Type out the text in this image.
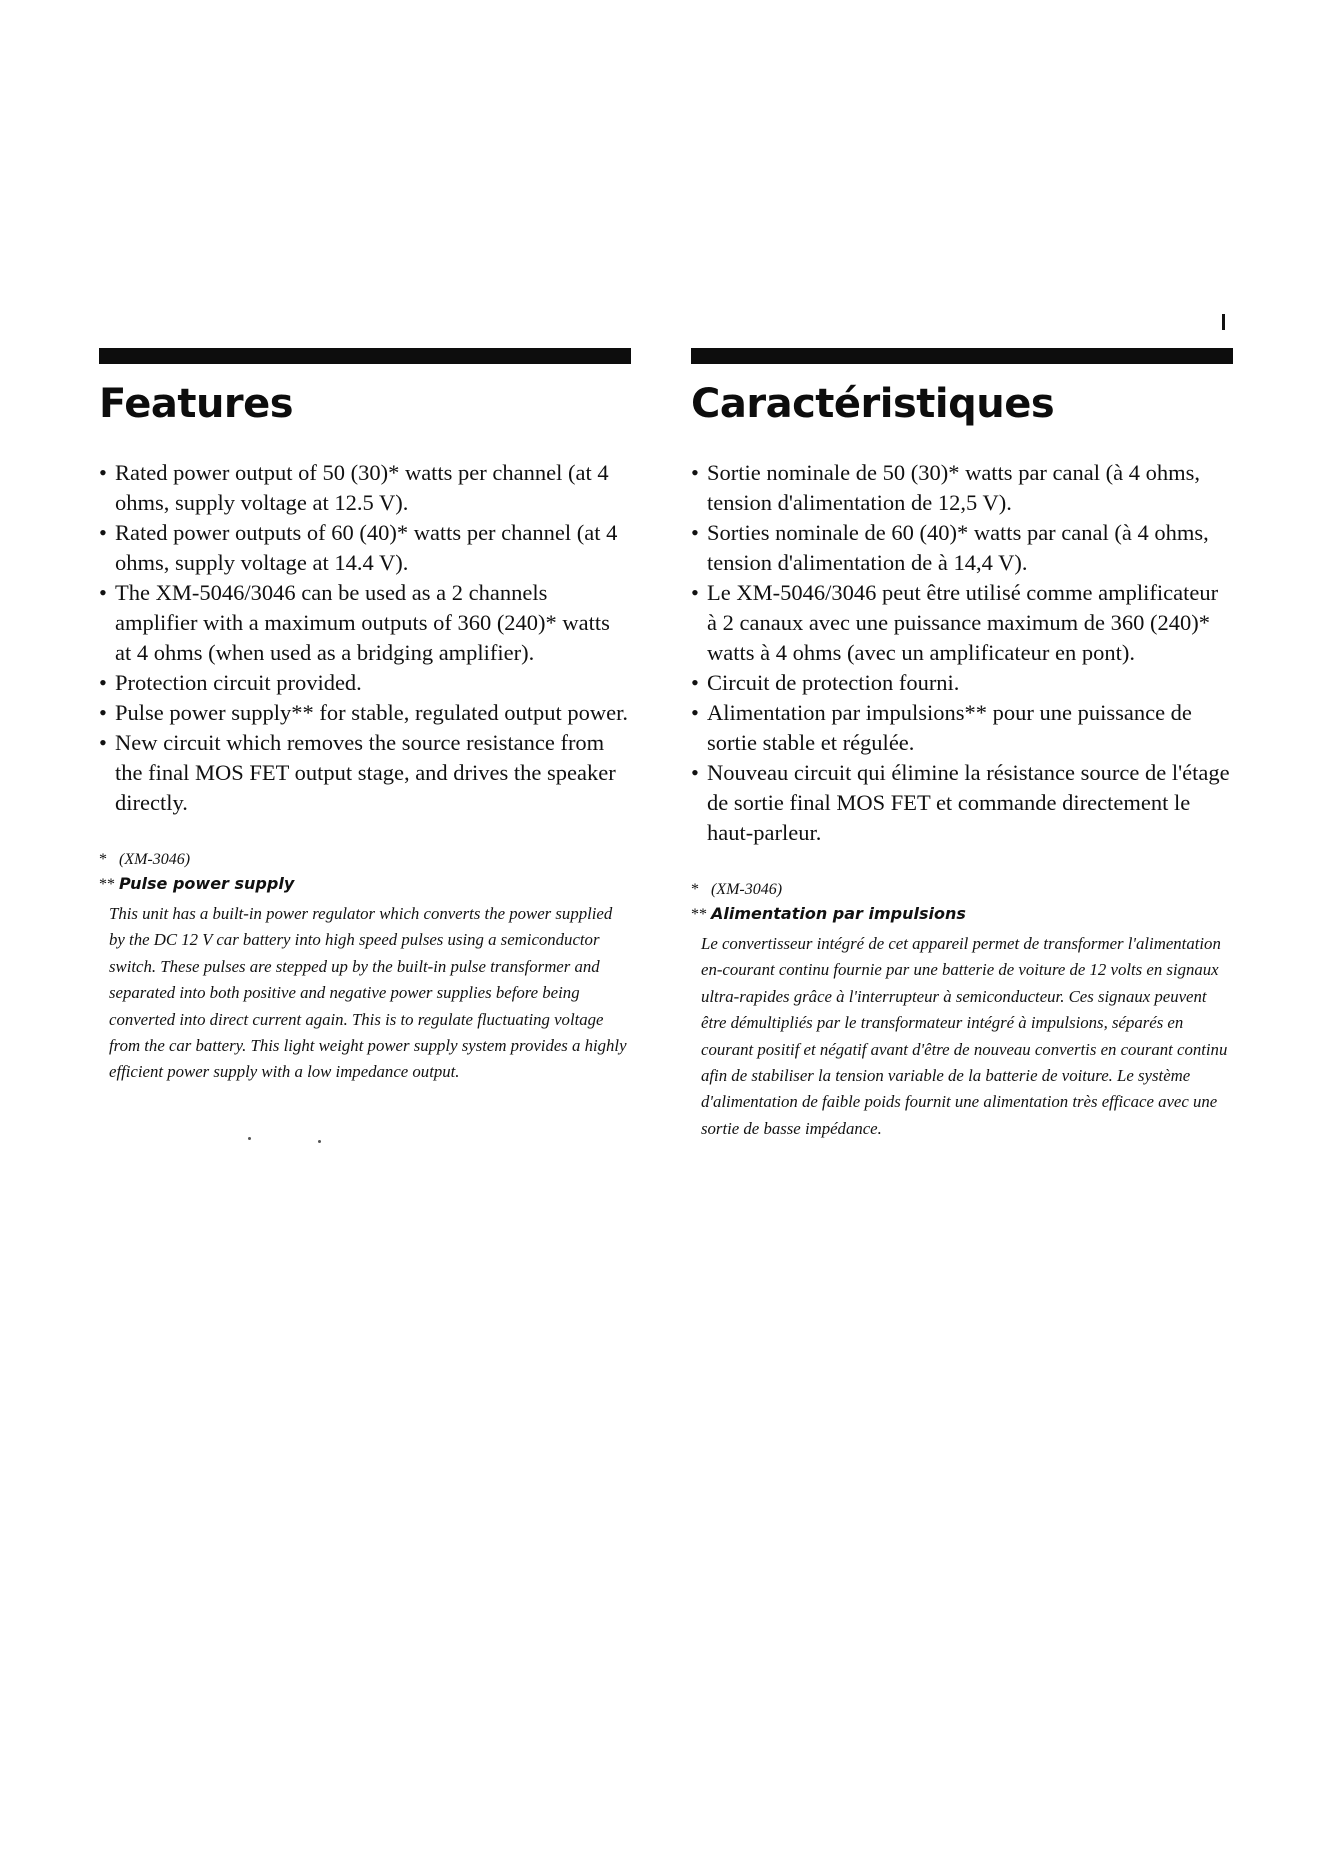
Features
• Rated power output of 50 (30)* watts per channel (at 4 ohms, supply voltage at 12.5 V).
• Rated power outputs of 60 (40)* watts per channel (at 4 ohms, supply voltage at 14.4 V).
• The XM-5046/3046 can be used as a 2 channels amplifier with a maximum outputs of 360 (240)* watts at 4 ohms (when used as a bridging amplifier).
• Protection circuit provided.
• Pulse power supply** for stable, regulated output power.
• New circuit which removes the source resistance from the final MOS FET output stage, and drives the speaker directly.
* (XM-3046)
** Pulse power supply

This unit has a built-in power regulator which converts the power supplied by the DC 12 V car battery into high speed pulses using a semiconductor switch. These pulses are stepped up by the built-in pulse transformer and separated into both positive and negative power supplies before being converted into direct current again. This is to regulate fluctuating voltage from the car battery. This light weight power supply system provides a highly efficient power supply with a low impedance output.

Caractéristiques
• Sortie nominale de 50 (30)* watts par canal (à 4 ohms, tension d'alimentation de 12,5 V).
• Sorties nominale de 60 (40)* watts par canal (à 4 ohms, tension d'alimentation de à 14,4 V).
• Le XM-5046/3046 peut être utilisé comme amplificateur à 2 canaux avec une puissance maximum de 360 (240)* watts à 4 ohms (avec un amplificateur en pont).
• Circuit de protection fourni.
• Alimentation par impulsions** pour une puissance de sortie stable et régulée.
• Nouveau circuit qui élimine la résistance source de l'étage de sortie final MOS FET et commande directement le haut-parleur.
* (XM-3046)
** Alimentation par impulsions

Le convertisseur intégré de cet appareil permet de transformer l'alimentation en-courant continu fournie par une batterie de voiture de 12 volts en signaux ultra-rapides grâce à l'interrupteur à semiconducteur. Ces signaux peuvent être démultipliés par le transformateur intégré à impulsions, séparés en courant positif et négatif avant d'être de nouveau convertis en courant continu afin de stabiliser la tension variable de la batterie de voiture. Le système d'alimentation de faible poids fournit une alimentation très efficace avec une sortie de basse impédance.
